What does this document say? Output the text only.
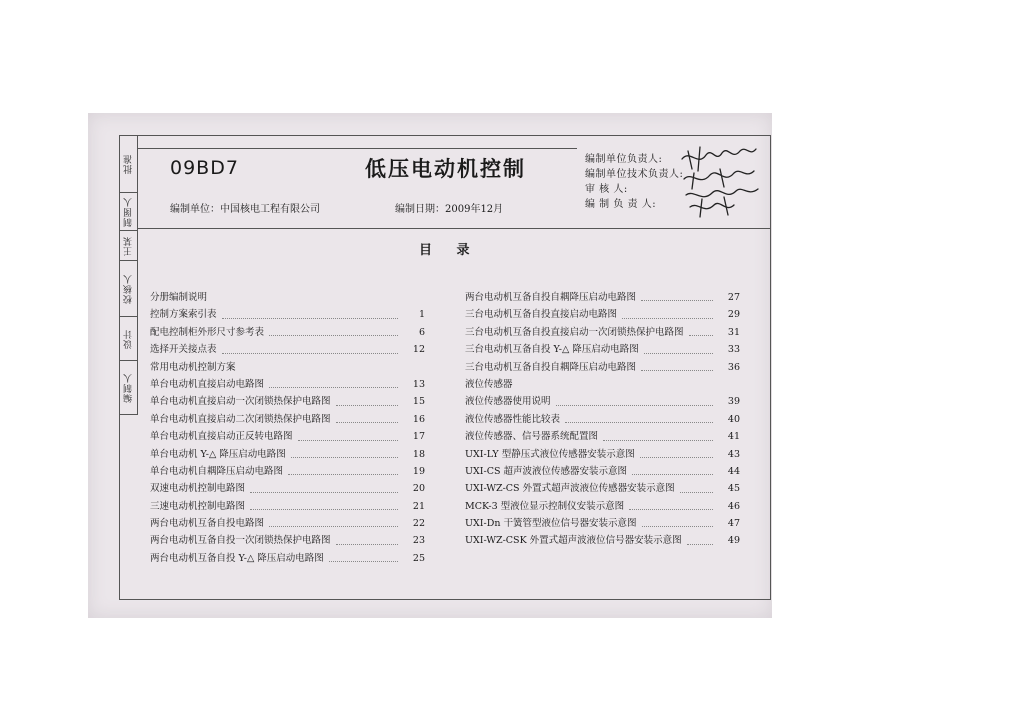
批准
制图人
王某
校核人
设计
编制人
09BD7	低压电动机控制
编制单位：中国核电工程有限公司	编制日期：2009年12月
编制单位负责人:
编制单位技术负责人:
审 核 人:
编 制 负 责 人:
目 录
分册编制说明
控制方案索引表	1
配电控制柜外形尺寸参考表	6
选择开关接点表	12
常用电动机控制方案
单台电动机直接启动电路图	13
单台电动机直接启动一次闭锁热保护电路图	15
单台电动机直接启动二次闭锁热保护电路图	16
单台电动机直接启动正反转电路图	17
单台电动机 Y-△ 降压启动电路图	18
单台电动机自耦降压启动电路图	19
双速电动机控制电路图	20
三速电动机控制电路图	21
两台电动机互备自投电路图	22
两台电动机互备自投一次闭锁热保护电路图	23
两台电动机互备自投 Y-△ 降压启动电路图	25
两台电动机互备自投自耦降压启动电路图	27
三台电动机互备自投直接启动电路图	29
三台电动机互备自投直接启动一次闭锁热保护电路图	31
三台电动机互备自投 Y-△ 降压启动电路图	33
三台电动机互备自投自耦降压启动电路图	36
液位传感器
液位传感器使用说明	39
液位传感器性能比较表	40
液位传感器、信号器系统配置图	41
UXI-LY 型静压式液位传感器安装示意图	43
UXI-CS 超声波液位传感器安装示意图	44
UXI-WZ-CS 外置式超声波液位传感器安装示意图	45
MCK-3 型液位显示控制仪安装示意图	46
UXI-Dn 干簧管型液位信号器安装示意图	47
UXI-WZ-CSK 外置式超声波液位信号器安装示意图	49
